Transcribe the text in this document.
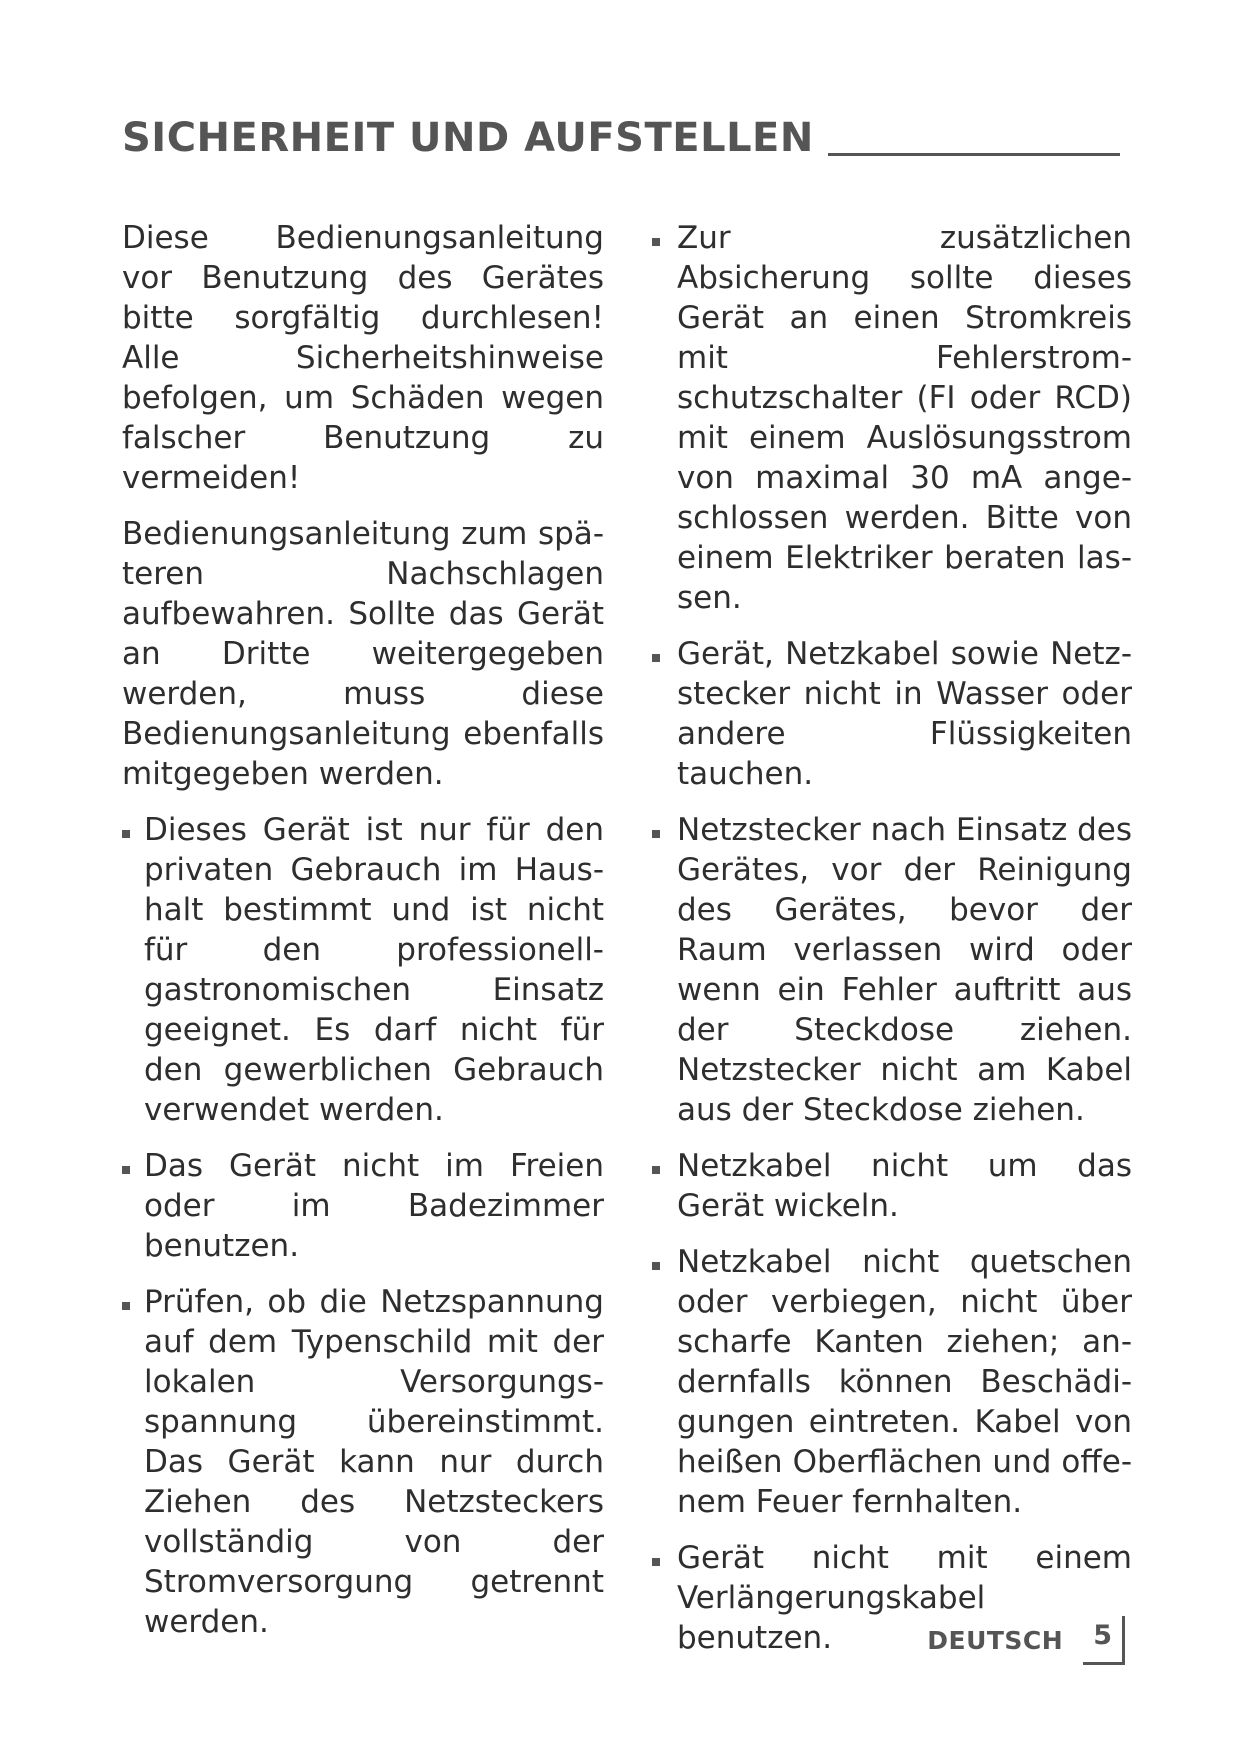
SICHERHEIT UND AUFSTELLEN

Diese Bedienungsanleitung vor Benutzung des Gerätes bitte sorgfältig durchlesen! Alle Sicherheitshinweise befolgen, um Schäden wegen falscher Benutzung zu vermeiden!

Bedienungsanleitung zum späteren Nachschlagen aufbewahren. Sollte das Gerät an Dritte weitergegeben werden, muss diese Bedienungsanleitung ebenfalls mitgegeben werden.

Dieses Gerät ist nur für den privaten Gebrauch im Haushalt bestimmt und ist nicht für den professionell-gastronomischen Einsatz geeignet. Es darf nicht für den gewerblichen Gebrauch verwendet werden.
Das Gerät nicht im Freien oder im Badezimmer benutzen.
Prüfen, ob die Netzspannung auf dem Typenschild mit der lokalen Versorgungsspannung übereinstimmt. Das Gerät kann nur durch Ziehen des Netzsteckers vollständig von der Stromversorgung getrennt werden.
Zur zusätzlichen Absicherung sollte dieses Gerät an einen Stromkreis mit Fehlerstromschutzschalter (FI oder RCD) mit einem Auslösungsstrom von maximal 30 mA angeschlossen werden. Bitte von einem Elektriker beraten lassen.
Gerät, Netzkabel sowie Netzstecker nicht in Wasser oder andere Flüssigkeiten tauchen.
Netzstecker nach Einsatz des Gerätes, vor der Reinigung des Gerätes, bevor der Raum verlassen wird oder wenn ein Fehler auftritt aus der Steckdose ziehen. Netzstecker nicht am Kabel aus der Steckdose ziehen.
Netzkabel nicht um das Gerät wickeln.
Netzkabel nicht quetschen oder verbiegen, nicht über scharfe Kanten ziehen; andernfalls können Beschädigungen eintreten. Kabel von heißen Oberflächen und offenem Feuer fernhalten.
Gerät nicht mit einem Verlängerungskabel benutzen.	DEUTSCH	5
